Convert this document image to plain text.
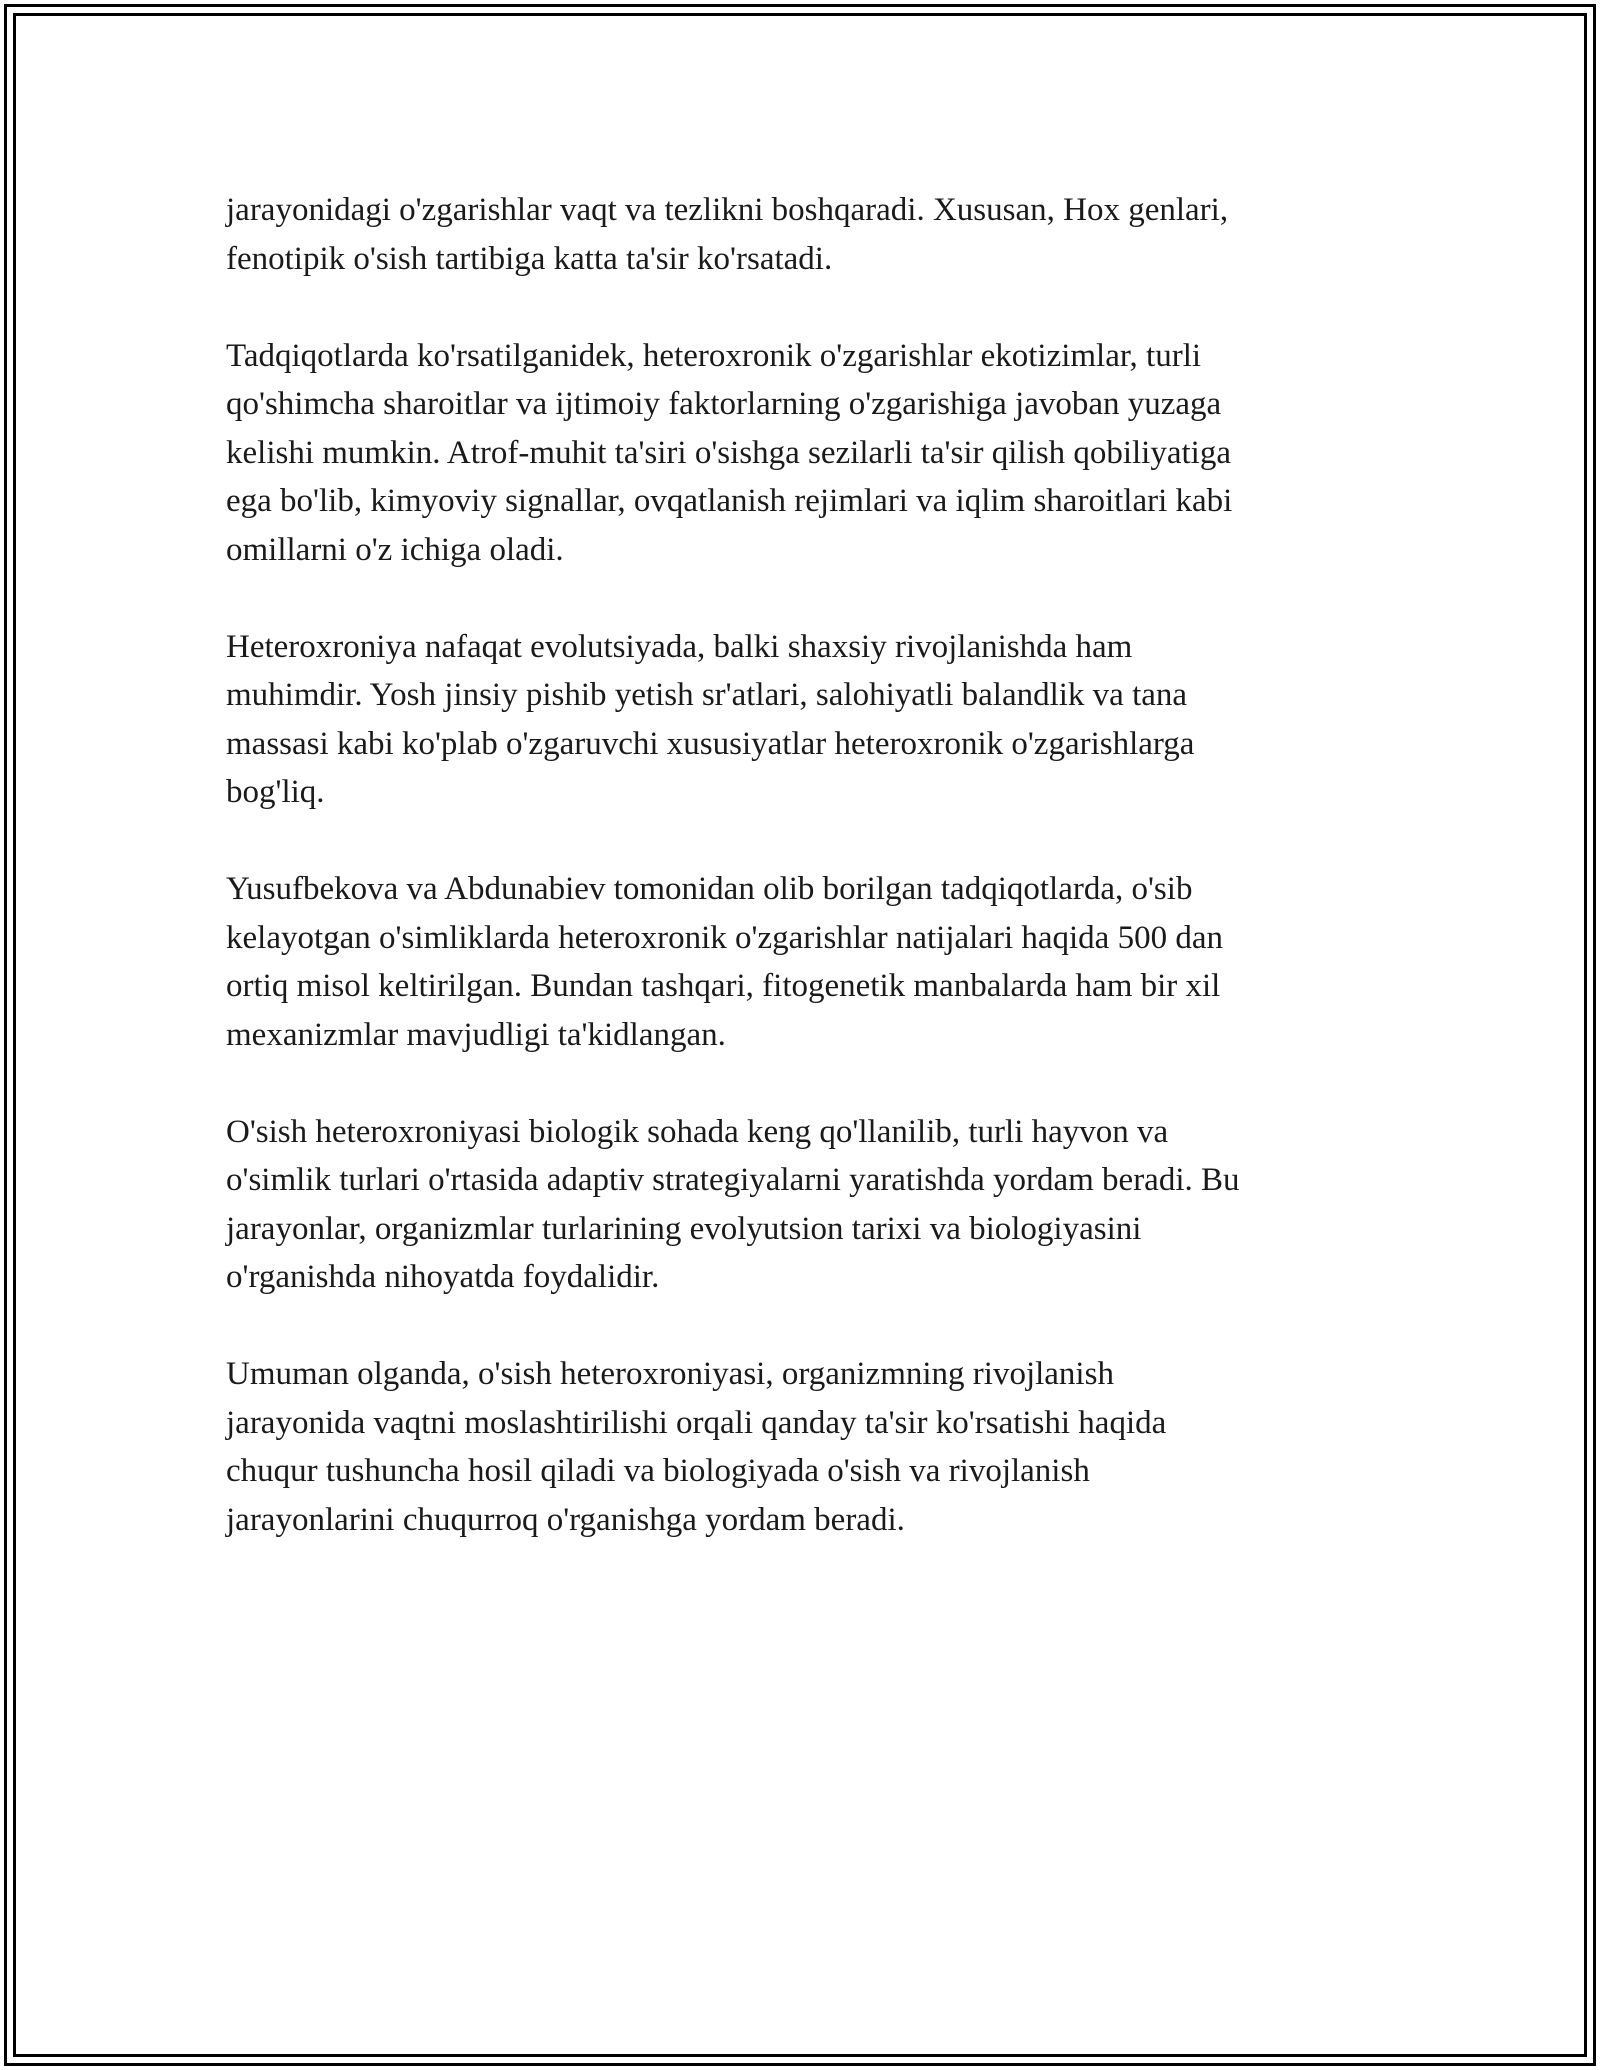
jarayonidagi o'zgarishlar vaqt va tezlikni boshqaradi. Xususan, Hox genlari,
fenotipik o'sish tartibiga katta ta'sir ko'rsatadi.

Tadqiqotlarda ko'rsatilganidek, heteroxronik o'zgarishlar ekotizimlar, turli
qo'shimcha sharoitlar va ijtimoiy faktorlarning o'zgarishiga javoban yuzaga
kelishi mumkin. Atrof-muhit ta'siri o'sishga sezilarli ta'sir qilish qobiliyatiga
ega bo'lib, kimyoviy signallar, ovqatlanish rejimlari va iqlim sharoitlari kabi
omillarni o'z ichiga oladi.

Heteroxroniya nafaqat evolutsiyada, balki shaxsiy rivojlanishda ham
muhimdir. Yosh jinsiy pishib yetish sr'atlari, salohiyatli balandlik va tana
massasi kabi ko'plab o'zgaruvchi xususiyatlar heteroxronik o'zgarishlarga
bog'liq.

Yusufbekova va Abdunabiev tomonidan olib borilgan tadqiqotlarda, o'sib
kelayotgan o'simliklarda heteroxronik o'zgarishlar natijalari haqida 500 dan
ortiq misol keltirilgan. Bundan tashqari, fitogenetik manbalarda ham bir xil
mexanizmlar mavjudligi ta'kidlangan.

O'sish heteroxroniyasi biologik sohada keng qo'llanilib, turli hayvon va
o'simlik turlari o'rtasida adaptiv strategiyalarni yaratishda yordam beradi. Bu
jarayonlar, organizmlar turlarining evolyutsion tarixi va biologiyasini
o'rganishda nihoyatda foydalidir.

Umuman olganda, o'sish heteroxroniyasi, organizmning rivojlanish
jarayonida vaqtni moslashtirilishi orqali qanday ta'sir ko'rsatishi haqida
chuqur tushuncha hosil qiladi va biologiyada o'sish va rivojlanish
jarayonlarini chuqurroq o'rganishga yordam beradi.
